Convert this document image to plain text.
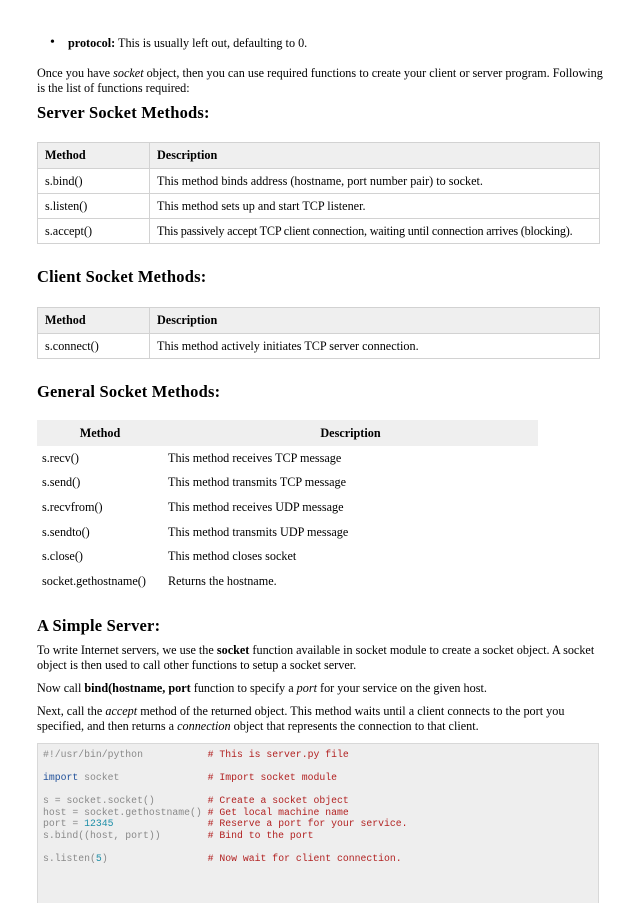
• protocol: This is usually left out, defaulting to 0.

Once you have socket object, then you can use required functions to create your client or server program. Following is the list of functions required:

Server Socket Methods:
Method	Description
s.bind()	This method binds address (hostname, port number pair) to socket.
s.listen()	This method sets up and start TCP listener.
s.accept()	This passively accept TCP client connection, waiting until connection arrives (blocking).
Client Socket Methods:
Method	Description
s.connect()	This method actively initiates TCP server connection.
General Socket Methods:
Method	Description
s.recv()	This method receives TCP message
s.send()	This method transmits TCP message
s.recvfrom()	This method receives UDP message
s.sendto()	This method transmits UDP message
s.close()	This method closes socket
socket.gethostname()	Returns the hostname.
A Simple Server:

To write Internet servers, we use the socket function available in socket module to create a socket object. A socket object is then used to call other functions to setup a socket server.

Now call bind(hostname, port function to specify a port for your service on the given host.

Next, call the accept method of the returned object. This method waits until a client connects to the port you specified, and then returns a connection object that represents the connection to that client.

#!/usr/bin/python           # This is server.py file
import socket               # Import socket module
s = socket.socket()         # Create a socket object
host = socket.gethostname() # Get local machine name
port = 12345	# Reserve a port for your service.
s.bind((host, port))        # Bind to the port
s.listen(5)                 # Now wait for client connection.
